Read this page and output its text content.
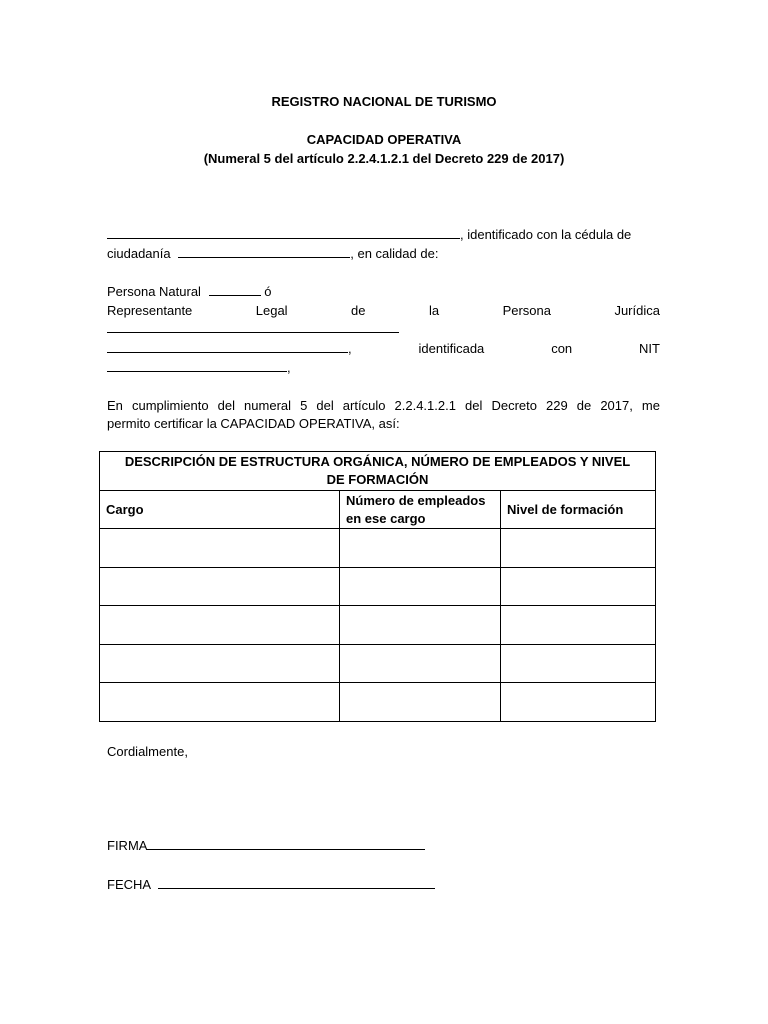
REGISTRO NACIONAL DE TURISMO
CAPACIDAD OPERATIVA
(Numeral 5 del artículo 2.2.4.1.2.1 del Decreto 229 de 2017)
, identificado con la cédula de
ciudadanía	, en calidad de:
Persona Natural	ó
Representante	Legal	de	la	Persona	Jurídica
,	identificada	con	NIT
,
En cumplimiento del numeral 5 del artículo 2.2.4.1.2.1 del Decreto 229 de 2017, me
permito certificar la CAPACIDAD OPERATIVA, así:
DESCRIPCIÓN DE ESTRUCTURA ORGÁNICA, NÚMERO DE EMPLEADOS Y NIVEL DE FORMACIÓN		
Cargo	Número de empleados en ese cargo	Nivel de formación

Cordialmente,
FIRMA
FECHA
